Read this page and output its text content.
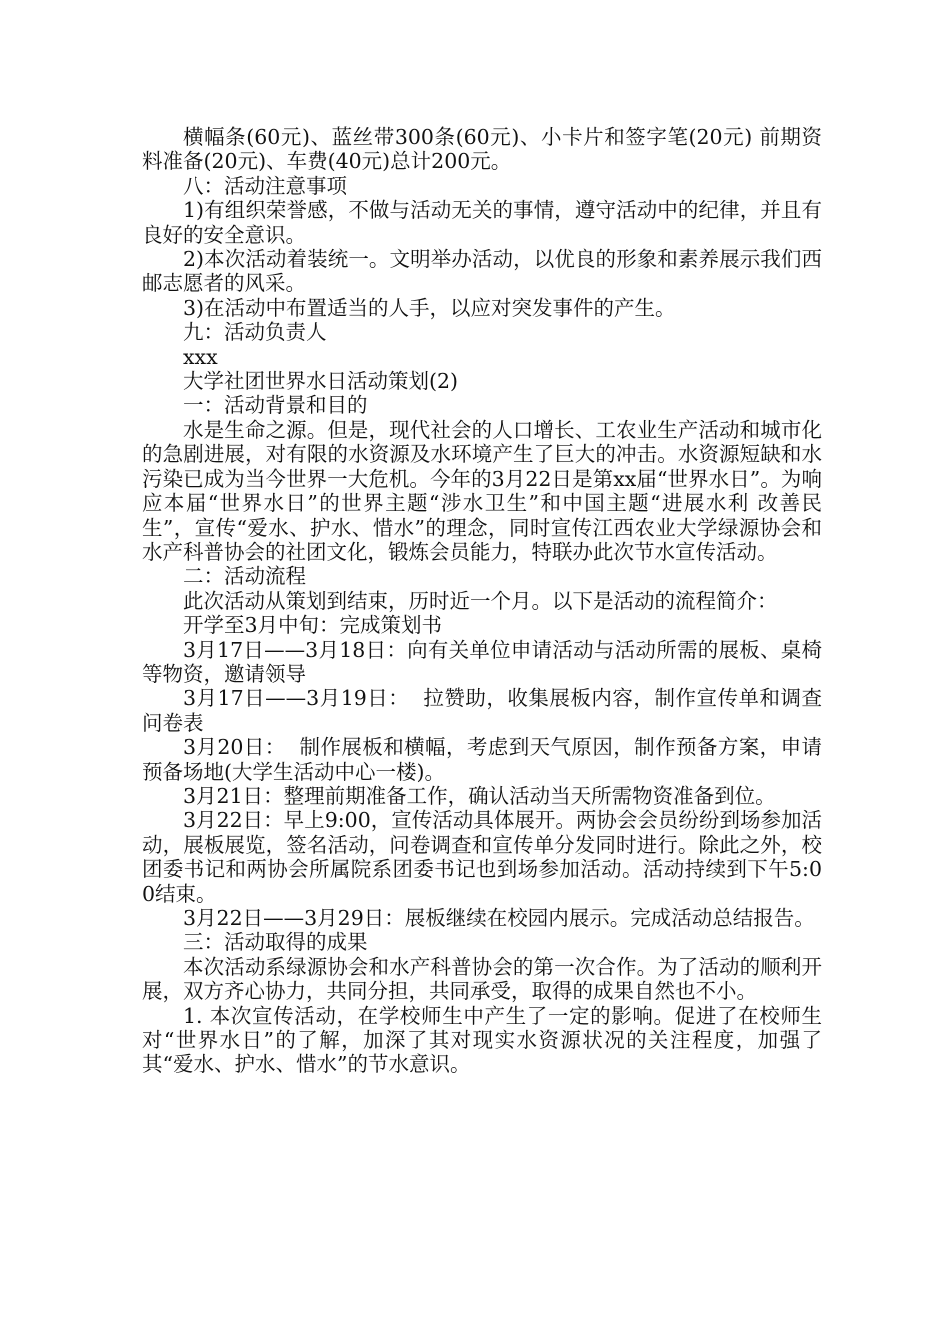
横幅条(60元)、蓝丝带300条(60元)、小卡片和签字笔(20元) 前期资料准备(20元)、车费(40元)总计200元。

八：活动注意事项

1)有组织荣誉感，不做与活动无关的事情，遵守活动中的纪律，并且有良好的安全意识。

2)本次活动着装统一。文明举办活动，以优良的形象和素养展示我们西邮志愿者的风采。

3)在活动中布置适当的人手，以应对突发事件的产生。

九：活动负责人

xxx

大学社团世界水日活动策划(2)

一：活动背景和目的

水是生命之源。但是，现代社会的人口增长、工农业生产活动和城市化的急剧进展，对有限的水资源及水环境产生了巨大的冲击。水资源短缺和水污染已成为当今世界一大危机。今年的3月22日是第xx届“世界水日”。为响应本届“世界水日”的世界主题“涉水卫生”和中国主题“进展水利 改善民生”，宣传“爱水、护水、惜水”的理念，同时宣传江西农业大学绿源协会和水产科普协会的社团文化，锻炼会员能力，特联办此次节水宣传活动。

二：活动流程

此次活动从策划到结束，历时近一个月。以下是活动的流程简介：

开学至3月中旬：完成策划书

3月17日——3月18日：向有关单位申请活动与活动所需的展板、桌椅等物资，邀请领导

3月17日——3月19日：  拉赞助，收集展板内容，制作宣传单和调查问卷表

3月20日：  制作展板和横幅，考虑到天气原因，制作预备方案，申请预备场地(大学生活动中心一楼)。

3月21日：整理前期准备工作，确认活动当天所需物资准备到位。

3月22日：早上9:00，宣传活动具体展开。两协会会员纷纷到场参加活动，展板展览，签名活动，问卷调查和宣传单分发同时进行。除此之外，校团委书记和两协会所属院系团委书记也到场参加活动。活动持续到下午5:00结束。

3月22日——3月29日：展板继续在校园内展示。完成活动总结报告。

三：活动取得的成果

本次活动系绿源协会和水产科普协会的第一次合作。为了活动的顺利开展，双方齐心协力，共同分担，共同承受，取得的成果自然也不小。

1. 本次宣传活动，在学校师生中产生了一定的影响。促进了在校师生对“世界水日”的了解，加深了其对现实水资源状况的关注程度，加强了其“爱水、护水、惜水”的节水意识。
